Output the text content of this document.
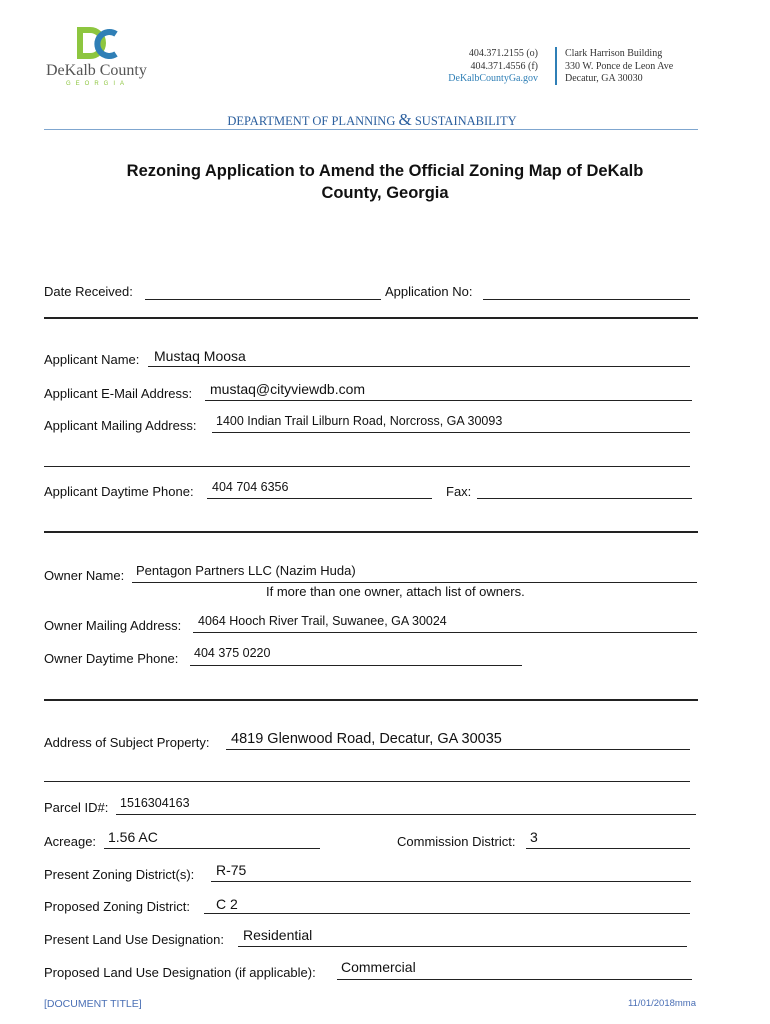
DeKalb County
GEORGIA
404.371.2155 (o)
404.371.4556 (f)
DeKalbCountyGa.gov
Clark Harrison Building
330 W. Ponce de Leon Ave
Decatur, GA 30030
DEPARTMENT OF PLANNING & SUSTAINABILITY
Rezoning Application to Amend the Official Zoning Map of DeKalb
County, Georgia
Date Received:	Application No:
Applicant Name: Mustaq Moosa
Applicant E-Mail Address: mustaq@cityviewdb.com
Applicant Mailing Address: 1400 Indian Trail Lilburn Road, Norcross, GA 30093
Applicant Daytime Phone: 404 704 6356	Fax:
Owner Name: Pentagon Partners LLC (Nazim Huda)
If more than one owner, attach list of owners.
Owner Mailing Address: 4064 Hooch River Trail, Suwanee, GA 30024
Owner Daytime Phone: 404 375 0220
Address of Subject Property: 4819 Glenwood Road, Decatur, GA 30035
Parcel ID#: 1516304163
Acreage: 1.56 AC	Commission District: 3
Present Zoning District(s): R-75
Proposed Zoning District: C 2
Present Land Use Designation: Residential
Proposed Land Use Designation (if applicable): Commercial
[DOCUMENT TITLE]	11/01/2018mma
